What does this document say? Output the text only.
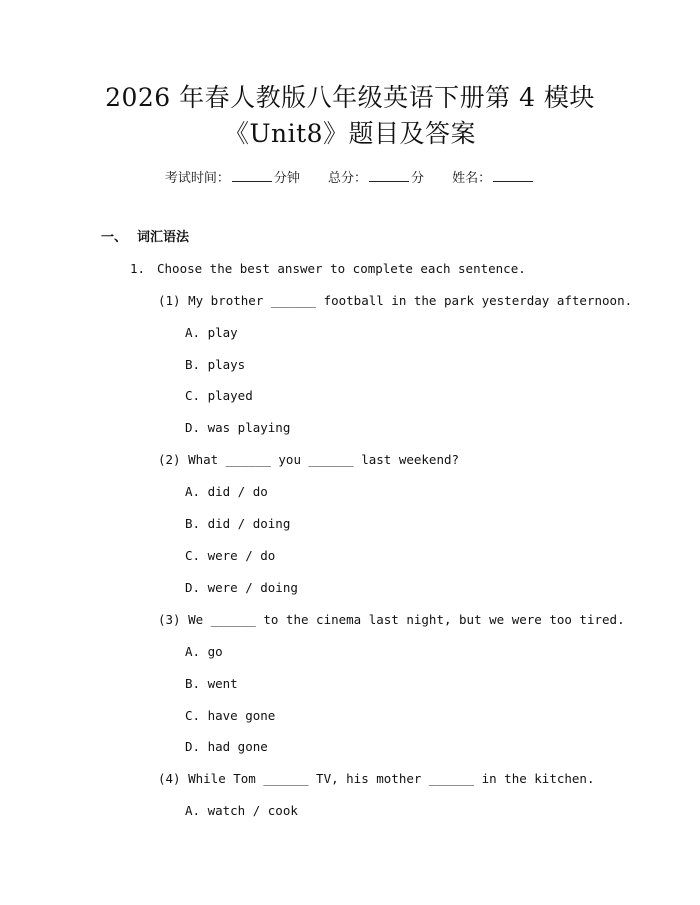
2026 年春人教版八年级英语下册第 4 模块
《Unit8》题目及答案
考试时间：	分钟 总分：	分 姓名：
一、 词汇语法
1. Choose the best answer to complete each sentence.
(1) My brother ______ football in the park yesterday afternoon.
A. play
B. plays
C. played
D. was playing
(2) What ______ you ______ last weekend?
A. did / do
B. did / doing
C. were / do
D. were / doing
(3) We ______ to the cinema last night, but we were too tired.
A. go
B. went
C. have gone
D. had gone
(4) While Tom ______ TV, his mother ______ in the kitchen.
A. watch / cook
